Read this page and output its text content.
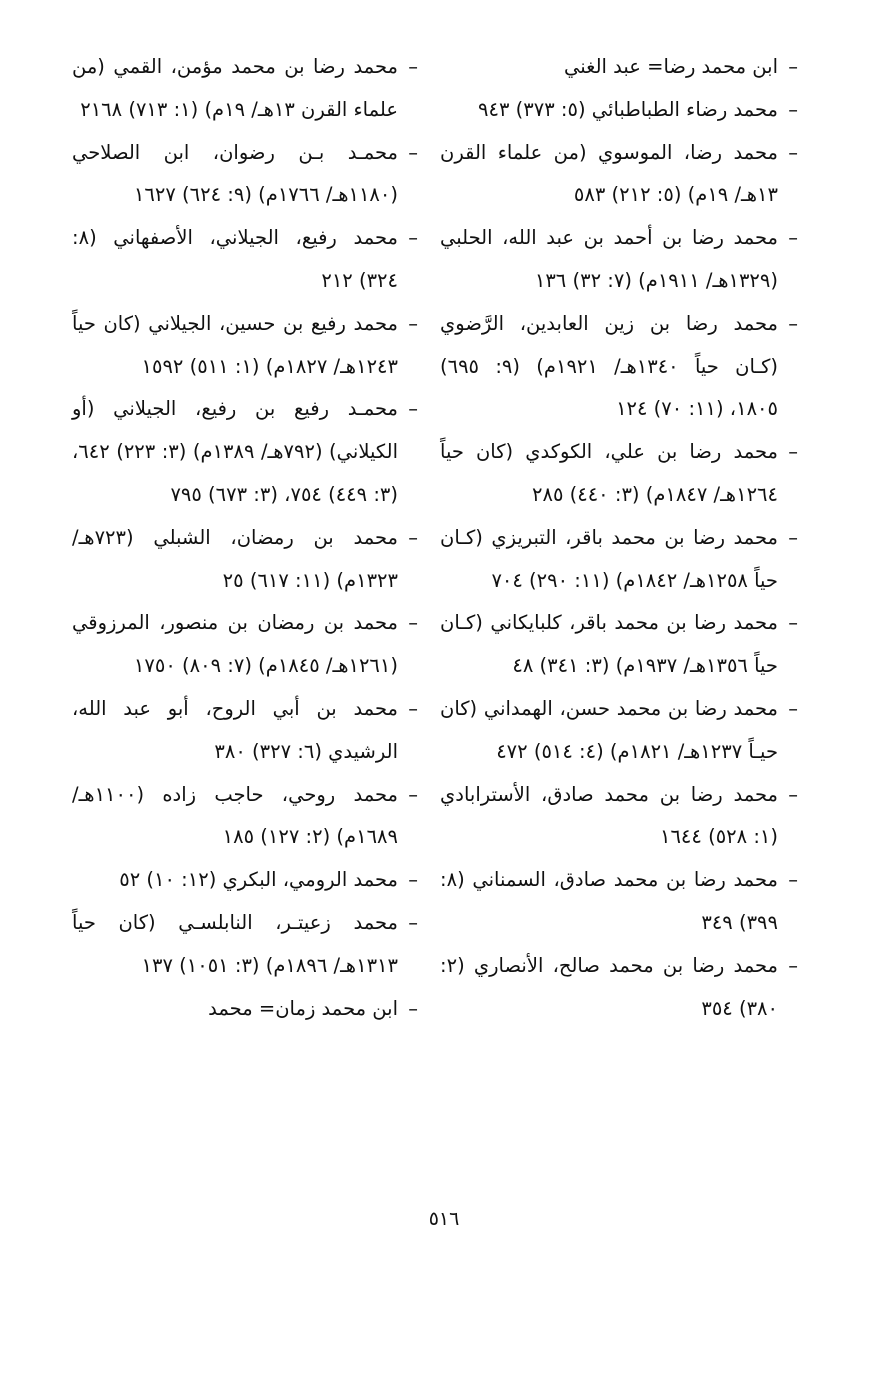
–
ابن محمد رضا= عبد الغني
–
محمد رضاء الطباطبائي (٥: ٣٧٣) ٩٤٣
–
محمد رضا، الموسوي (من علماء القرن ١٣هـ/ ١٩م) (٥: ٢١٢) ٥٨٣
–
محمد رضا بن أحمد بن عبد الله، الحلبي (١٣٢٩هـ/ ١٩١١م) (٧: ٣٢) ١٣٦
–
محمد رضا بن زين العابدين، الرَّضوي (كـان حياً ١٣٤٠هـ/ ١٩٢١م) (٩: ٦٩٥) ١٨٠٥، (١١: ٧٠) ١٢٤
–
محمد رضا بن علي، الكوكدي (كان حياً ١٢٦٤هـ/ ١٨٤٧م) (٣: ٤٤٠) ٢٨٥
–
محمد رضا بن محمد باقر، التبريزي (كـان حياً ١٢٥٨هـ/ ١٨٤٢م) (١١: ٢٩٠) ٧٠٤
–
محمد رضا بن محمد باقر، كلبايكاني (كـان حياً ١٣٥٦هـ/ ١٩٣٧م) (٣: ٣٤١) ٤٨
–
محمد رضا بن محمد حسن، الهمداني (كان حيـاً ١٢٣٧هـ/ ١٨٢١م) (٤: ٥١٤) ٤٧٢
–
محمد رضا بن محمد صادق، الأسترابادي (١: ٥٢٨) ١٦٤٤
–
محمد رضا بن محمد صادق، السمناني (٨: ٣٩٩) ٣٤٩
–
محمد رضا بن محمد صالح، الأنصاري (٢: ٣٨٠) ٣٥٤
–
محمد رضا بن محمد مؤمن، القمي (من علماء القرن ١٣هـ/ ١٩م) (١: ٧١٣) ٢١٦٨
–
محمـد بـن رضوان، ابن الصلاحي (١١٨٠هـ/ ١٧٦٦م) (٩: ٦٢٤) ١٦٢٧
–
محمد رفيع، الجيلاني، الأصفهاني (٨: ٣٢٤) ٢١٢
–
محمد رفيع بن حسين، الجيلاني (كان حياً ١٢٤٣هـ/ ١٨٢٧م) (١: ٥١١) ١٥٩٢
–
محمـد رفيع بن رفيع، الجيلاني (أو الكيلاني) (٧٩٢هـ/ ١٣٨٩م) (٣: ٢٢٣) ٦٤٢، (٣: ٤٤٩) ٧٥٤، (٣: ٦٧٣) ٧٩٥
–
محمد بن رمضان، الشبلي (٧٢٣هـ/ ١٣٢٣م) (١١: ٦١٧) ٢٥
–
محمد بن رمضان بن منصور، المرزوقي (١٢٦١هـ/ ١٨٤٥م) (٧: ٨٠٩) ١٧٥٠
–
محمد بن أبي الروح، أبو عبد الله، الرشيدي (٦: ٣٢٧) ٣٨٠
–
محمد روحي، حاجب زاده (١١٠٠هـ/ ١٦٨٩م) (٢: ١٢٧) ١٨٥
–
محمد الرومي، البكري (١٢: ١٠) ٥٢
–
محمد زعيتـر، النابلسـي (كان حياً ١٣١٣هـ/ ١٨٩٦م) (٣: ١٠٥١) ١٣٧
–
ابن محمد زمان= محمد
٥١٦
